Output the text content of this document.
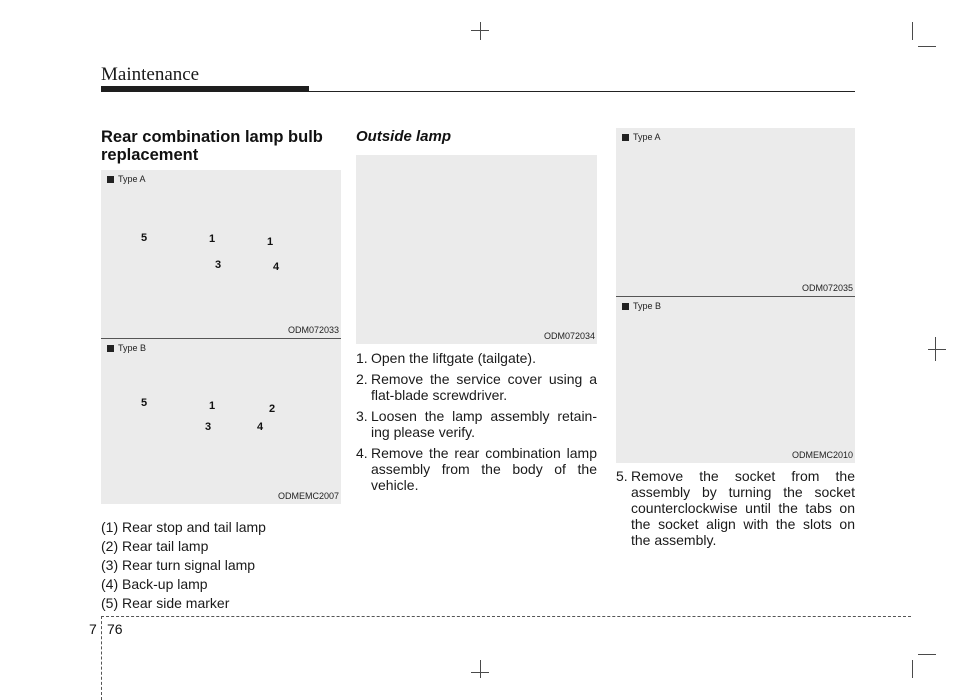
Maintenance
Rear combination lamp bulb replacement
Type A
5	1	1
3	4
ODM072033
Type B
5	1	2
3	4
ODMEMC2007

(1) Rear stop and tail lamp

(2) Rear tail lamp

(3) Rear turn signal lamp

(4) Back-up lamp

(5) Rear side marker

Outside lamp
ODM072034
1. Open the liftgate (tailgate).
2. Remove the service cover using a flat-blade screwdriver.
3. Loosen the lamp assembly retain-ing please verify.
4. Remove the rear combination lamp assembly from the body of the vehicle.
Type A
ODM072035
Type B
ODMEMC2010
5. Remove the socket from the assembly by turning the socket counterclockwise until the tabs on the socket align with the slots on the assembly.
7 76
